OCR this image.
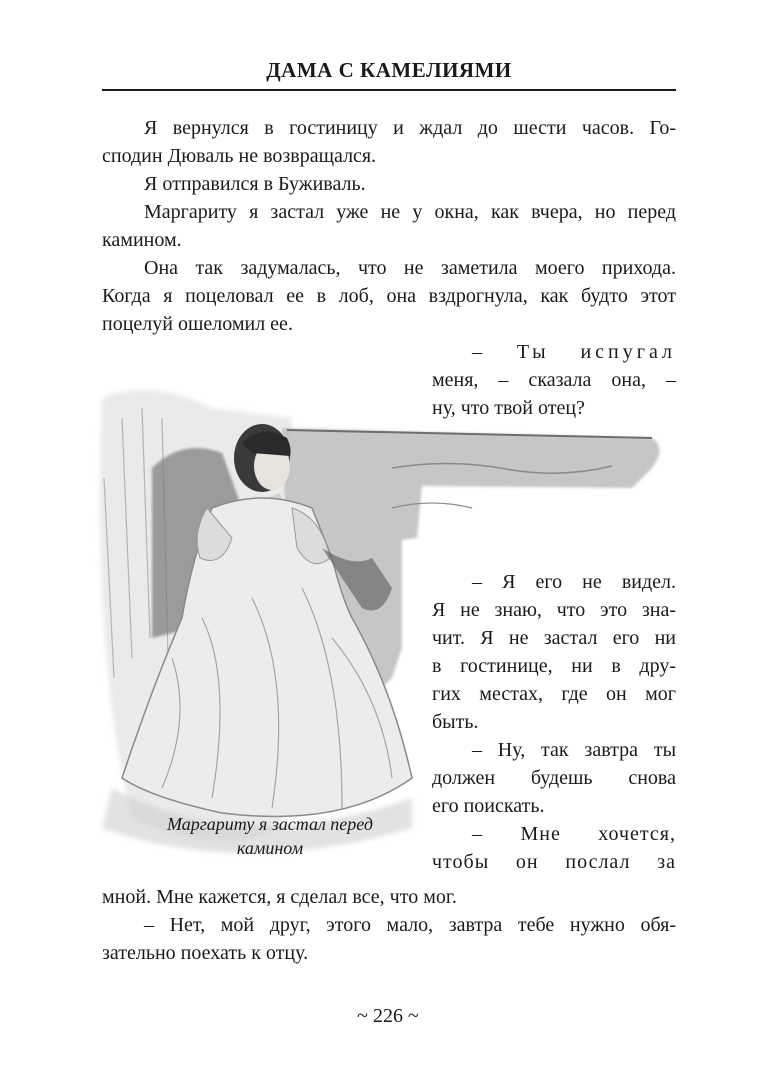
ДАМА С КАМЕЛИЯМИ
Я вернулся в гостиницу и ждал до шести часов. Го-
сподин Дюваль не возвращался.
Я отправился в Буживаль.
Маргариту я застал уже не у окна, как вчера, но перед
камином.
Она так задумалась, что не заметила моего прихода.
Когда я поцеловал ее в лоб, она вздрогнула, как будто этот
поцелуй ошеломил ее.
– Ты испугал
меня, – сказала она, –
ну, что твой отец?
Маргариту я застал перед
камином
– Я его не видел.
Я не знаю, что это зна-
чит. Я не застал его ни
в гостинице, ни в дру-
гих местах, где он мог
быть.
– Ну, так завтра ты
должен будешь снова
его поискать.
– Мне хочется,
чтобы он послал за
мной. Мне кажется, я сделал все, что мог.
– Нет, мой друг, этого мало, завтра тебе нужно обя-
зательно поехать к отцу.
~ 226 ~
